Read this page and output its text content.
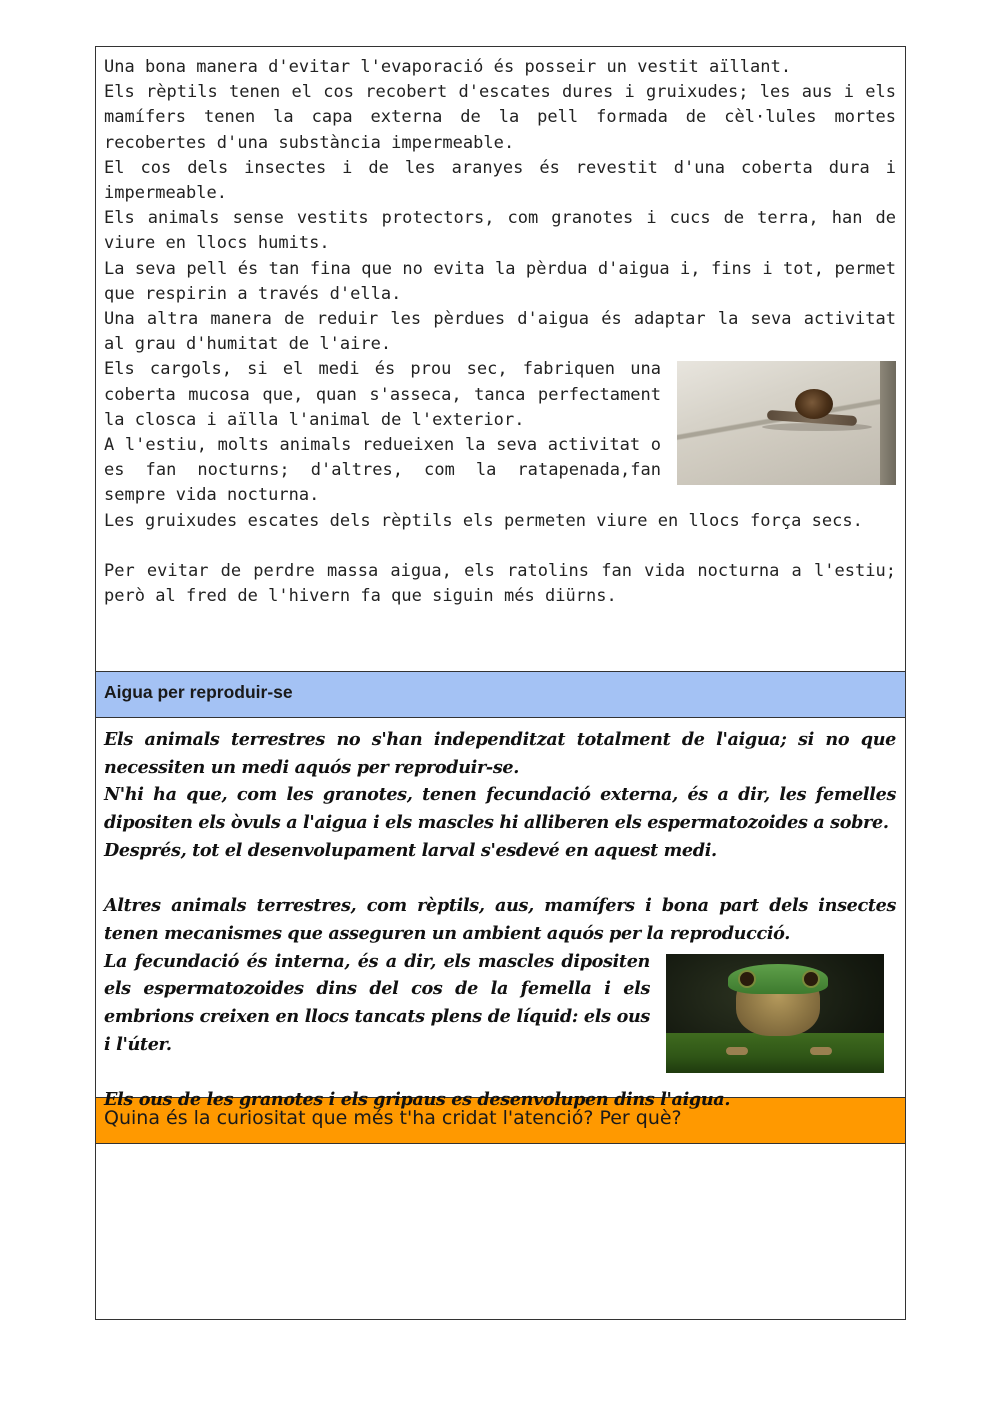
Una bona manera d'evitar l'evaporació és posseir un vestit aïllant.

Els rèptils tenen el cos recobert d'escates dures i gruixudes; les aus i els mamífers tenen la capa externa de la pell formada de cèl·lules mortes recobertes d'una substància impermeable.

El cos dels insectes i de les aranyes és revestit d'una coberta dura i impermeable.

Els animals sense vestits protectors, com granotes i cucs de terra, han de viure en llocs humits.

La seva pell és tan fina que no evita la pèrdua d'aigua i, fins i tot, permet que respirin a través d'ella.

Una altra manera de reduir les pèrdues d'aigua és adaptar la seva activitat al grau d'humitat de l'aire.

Els cargols, si el medi és prou sec, fabriquen una coberta mucosa que, quan s'asseca, tanca perfectament la closca i aïlla l'animal de l'exterior.

A l'estiu, molts animals redueixen la seva activitat o es fan nocturns; d'altres, com la ratapenada,fan sempre vida nocturna.

Les gruixudes escates dels rèptils els permeten viure en llocs força secs.

Per evitar de perdre massa aigua, els ratolins fan vida nocturna a l'estiu; però al fred de l'hivern fa que siguin més diürns.

Aigua per reproduir-se

Els animals terrestres no s'han independitzat totalment de l'aigua; si no que necessiten un medi aquós per reproduir-se.

N'hi ha que, com les granotes, tenen fecundació externa, és a dir, les femelles dipositen els òvuls a l'aigua i els mascles hi alliberen els espermatozoides a sobre.

Després, tot el desenvolupament larval s'esdevé en aquest medi.

Altres animals terrestres, com rèptils, aus, mamífers i bona part dels insectes tenen mecanismes que asseguren un ambient aquós per la reproducció.

La fecundació és interna, és a dir, els mascles dipositen els espermatozoides dins del cos de la femella i els embrions creixen en llocs tancats plens de líquid: els ous i l'úter.

Els ous de les granotes i els gripaus es desenvolupen dins l'aigua.

Quina és la curiositat que més t'ha cridat l'atenció? Per què?
